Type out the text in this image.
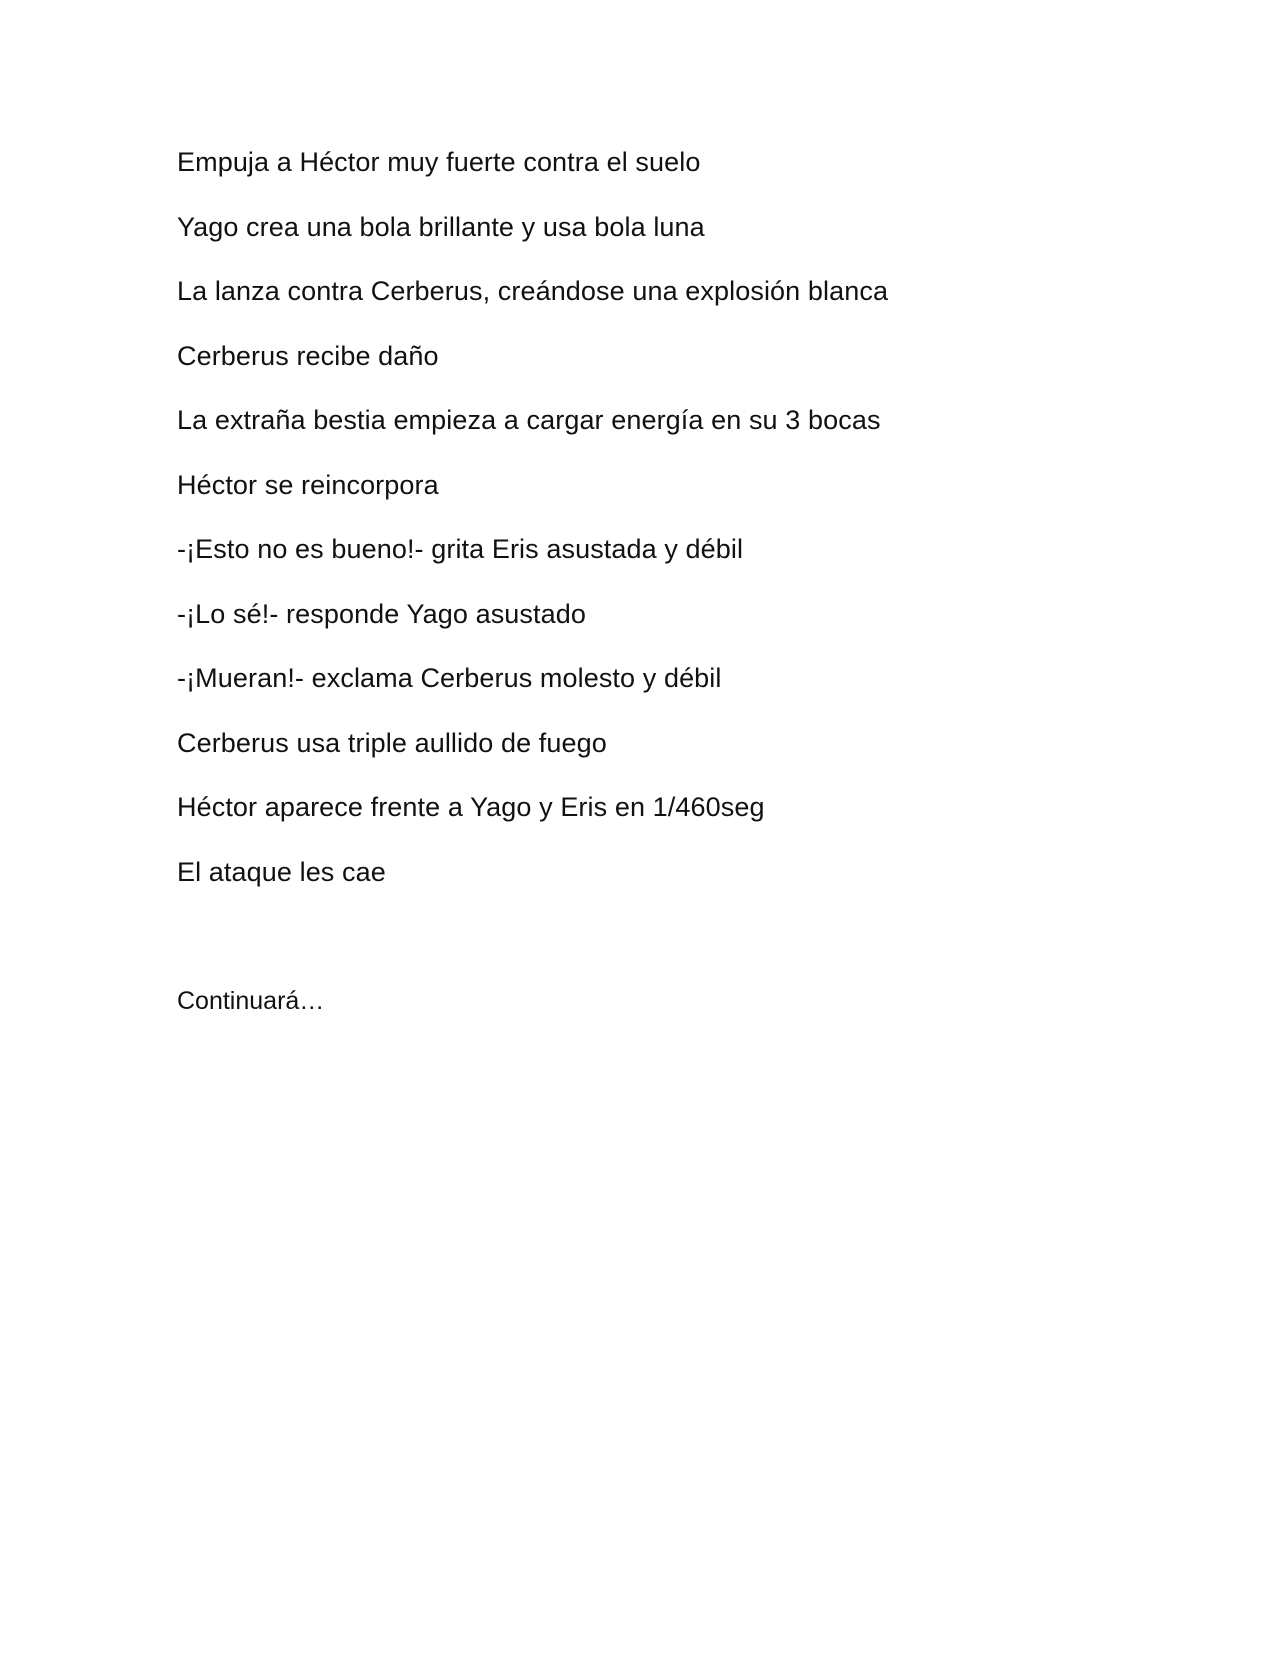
Empuja a Héctor muy fuerte contra el suelo

Yago crea una bola brillante y usa bola luna

La lanza contra Cerberus, creándose una explosión blanca

Cerberus recibe daño

La extraña bestia empieza a cargar energía en su 3 bocas

Héctor se reincorpora

-¡Esto no es bueno!- grita Eris asustada y débil

-¡Lo sé!- responde Yago asustado

-¡Mueran!- exclama Cerberus molesto y débil

Cerberus usa triple aullido de fuego

Héctor aparece frente a Yago y Eris en 1/460seg

El ataque les cae

Continuará…
